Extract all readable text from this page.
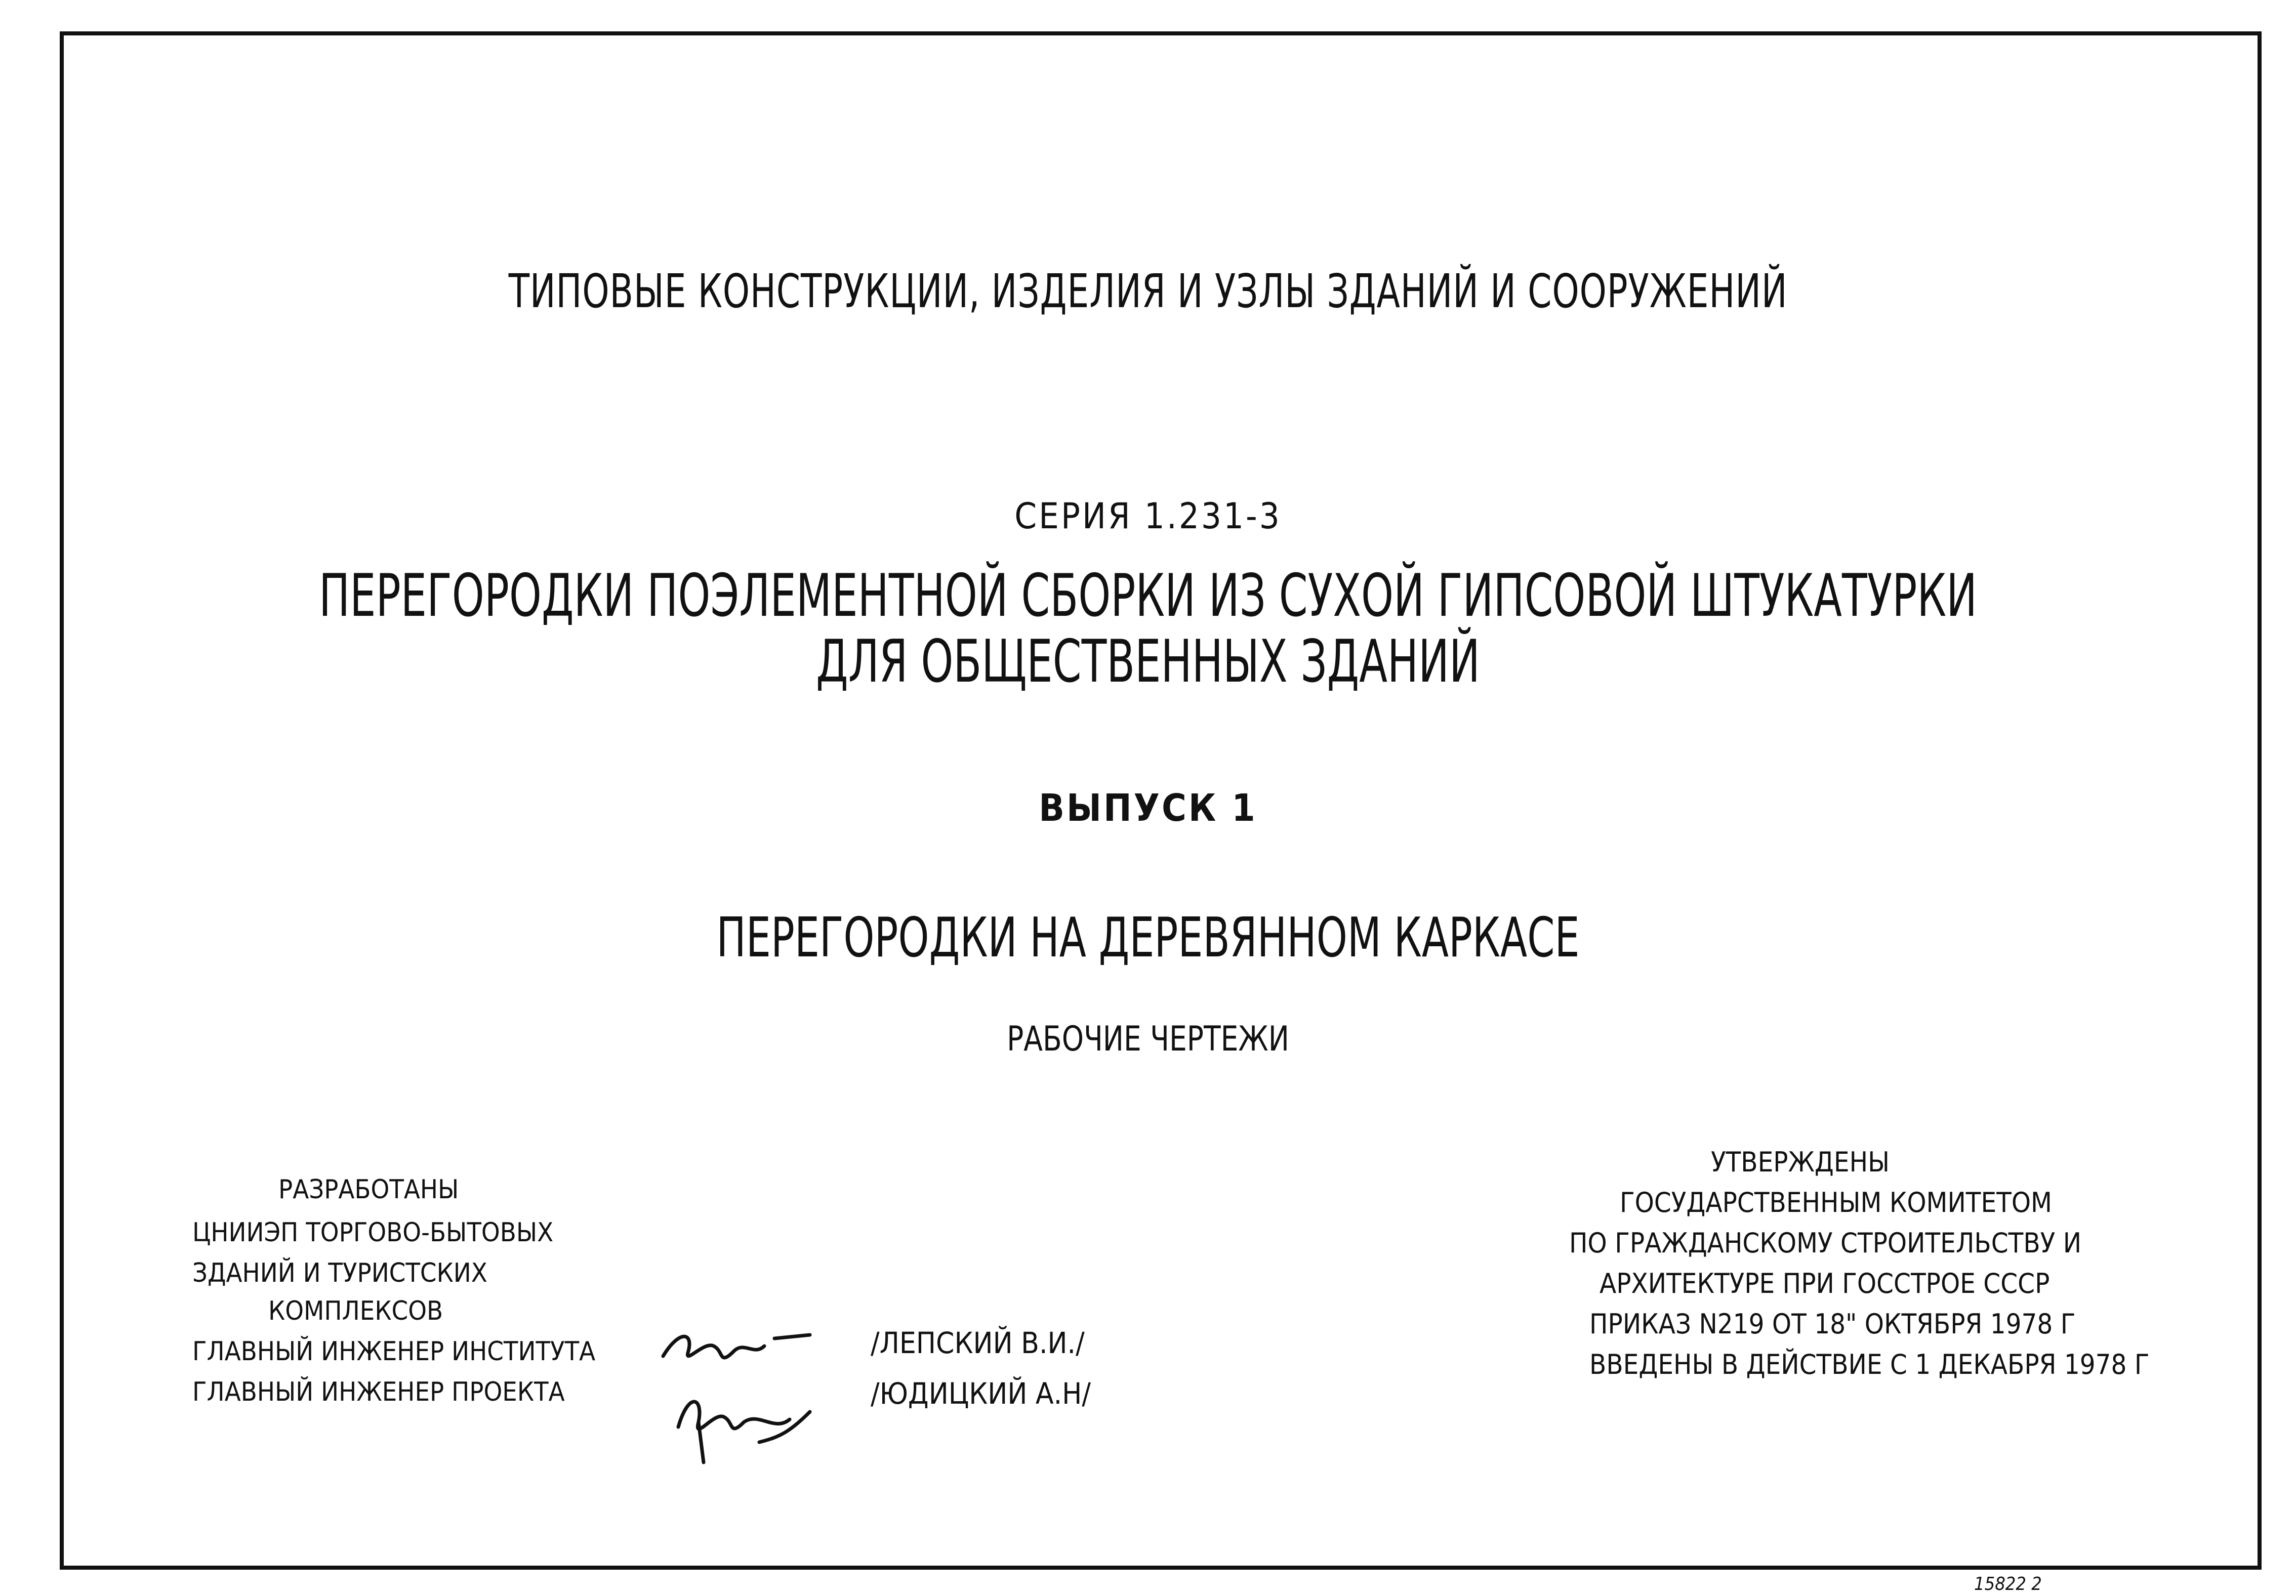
ТИПОВЫЕ КОНСТРУКЦИИ, ИЗДЕЛИЯ И УЗЛЫ ЗДАНИЙ И СООРУЖЕНИЙ
СЕРИЯ 1.231-3
ПЕРЕГОРОДКИ ПОЭЛЕМЕНТНОЙ СБОРКИ ИЗ СУХОЙ ГИПСОВОЙ ШТУКАТУРКИ
ДЛЯ ОБЩЕСТВЕННЫХ ЗДАНИЙ
ВЫПУСК 1
ПЕРЕГОРОДКИ НА ДЕРЕВЯННОМ КАРКАСЕ
РАБОЧИЕ ЧЕРТЕЖИ
РАЗРАБОТАНЫ
ЦНИИЭП ТОРГОВО-БЫТОВЫХ
ЗДАНИЙ И ТУРИСТСКИХ
КОМПЛЕКСОВ
ГЛАВНЫЙ ИНЖЕНЕР ИНСТИТУТА
ГЛАВНЫЙ ИНЖЕНЕР ПРОЕКТА
/ЛЕПСКИЙ В.И./
/ЮДИЦКИЙ А.Н/
УТВЕРЖДЕНЫ
ГОСУДАРСТВЕННЫМ КОМИТЕТОМ
ПО ГРАЖДАНСКОМУ СТРОИТЕЛЬСТВУ И
АРХИТЕКТУРЕ ПРИ ГОССТРОЕ СССР
ПРИКАЗ N219 ОТ 18" ОКТЯБРЯ 1978 Г
ВВЕДЕНЫ В ДЕЙСТВИЕ С 1 ДЕКАБРЯ 1978 Г
15822 2
